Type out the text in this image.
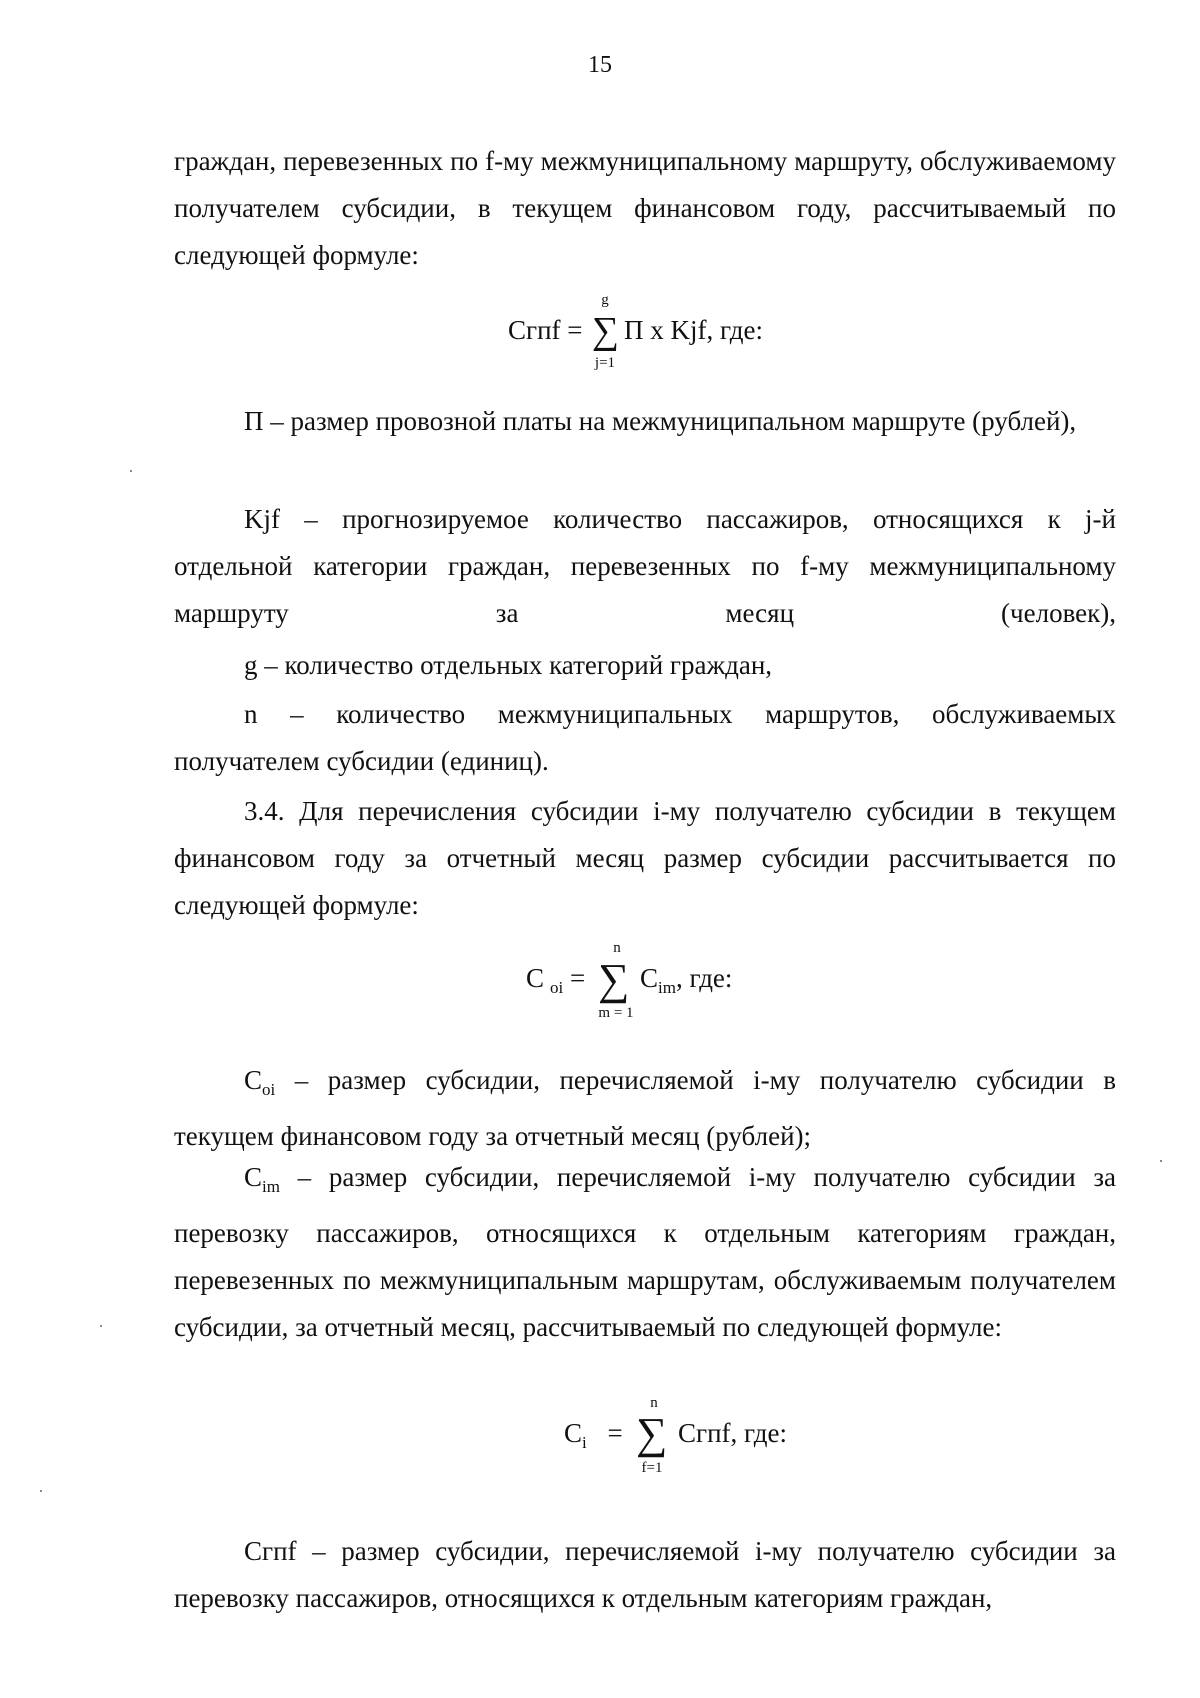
15
граждан, перевезенных по f-му межмуниципальному маршруту, обслуживаемому получателем субсидии, в текущем финансовом году, рассчитываемый по следующей формуле:
Сгпf =
g
∑
j=1
П х Kjf, где:
П – размер провозной платы на межмуниципальном маршруте (рублей),
Kjf – прогнозируемое количество пассажиров, относящихся к j-й отдельной категории граждан, перевезенных по f-му межмуниципальному маршруту за месяц (человек),
g – количество отдельных категорий граждан,
n – количество межмуниципальных маршрутов, обслуживаемых получателем субсидии (единиц).
3.4. Для перечисления субсидии i-му получателю субсидии в текущем финансовом году за отчетный месяц размер субсидии рассчитывается по следующей формуле:
C $_{oi}$ =
n
∑
m = 1
$C_{im}$, где:
$C_{oi}$ – размер субсидии, перечисляемой i-му получателю субсидии в текущем финансовом году за отчетный месяц (рублей);
$C_{im}$ – размер субсидии, перечисляемой i-му получателю субсидии за перевозку пассажиров, относящихся к отдельным категориям граждан, перевезенных по межмуниципальным маршрутам, обслуживаемым получателем субсидии, за отчетный месяц, рассчитываемый по следующей формуле:
$C_i$ =
n
∑
f=1
Сгпf, где:
Сгпf – размер субсидии, перечисляемой i-му получателю субсидии за перевозку пассажиров, относящихся к отдельным категориям граждан,
